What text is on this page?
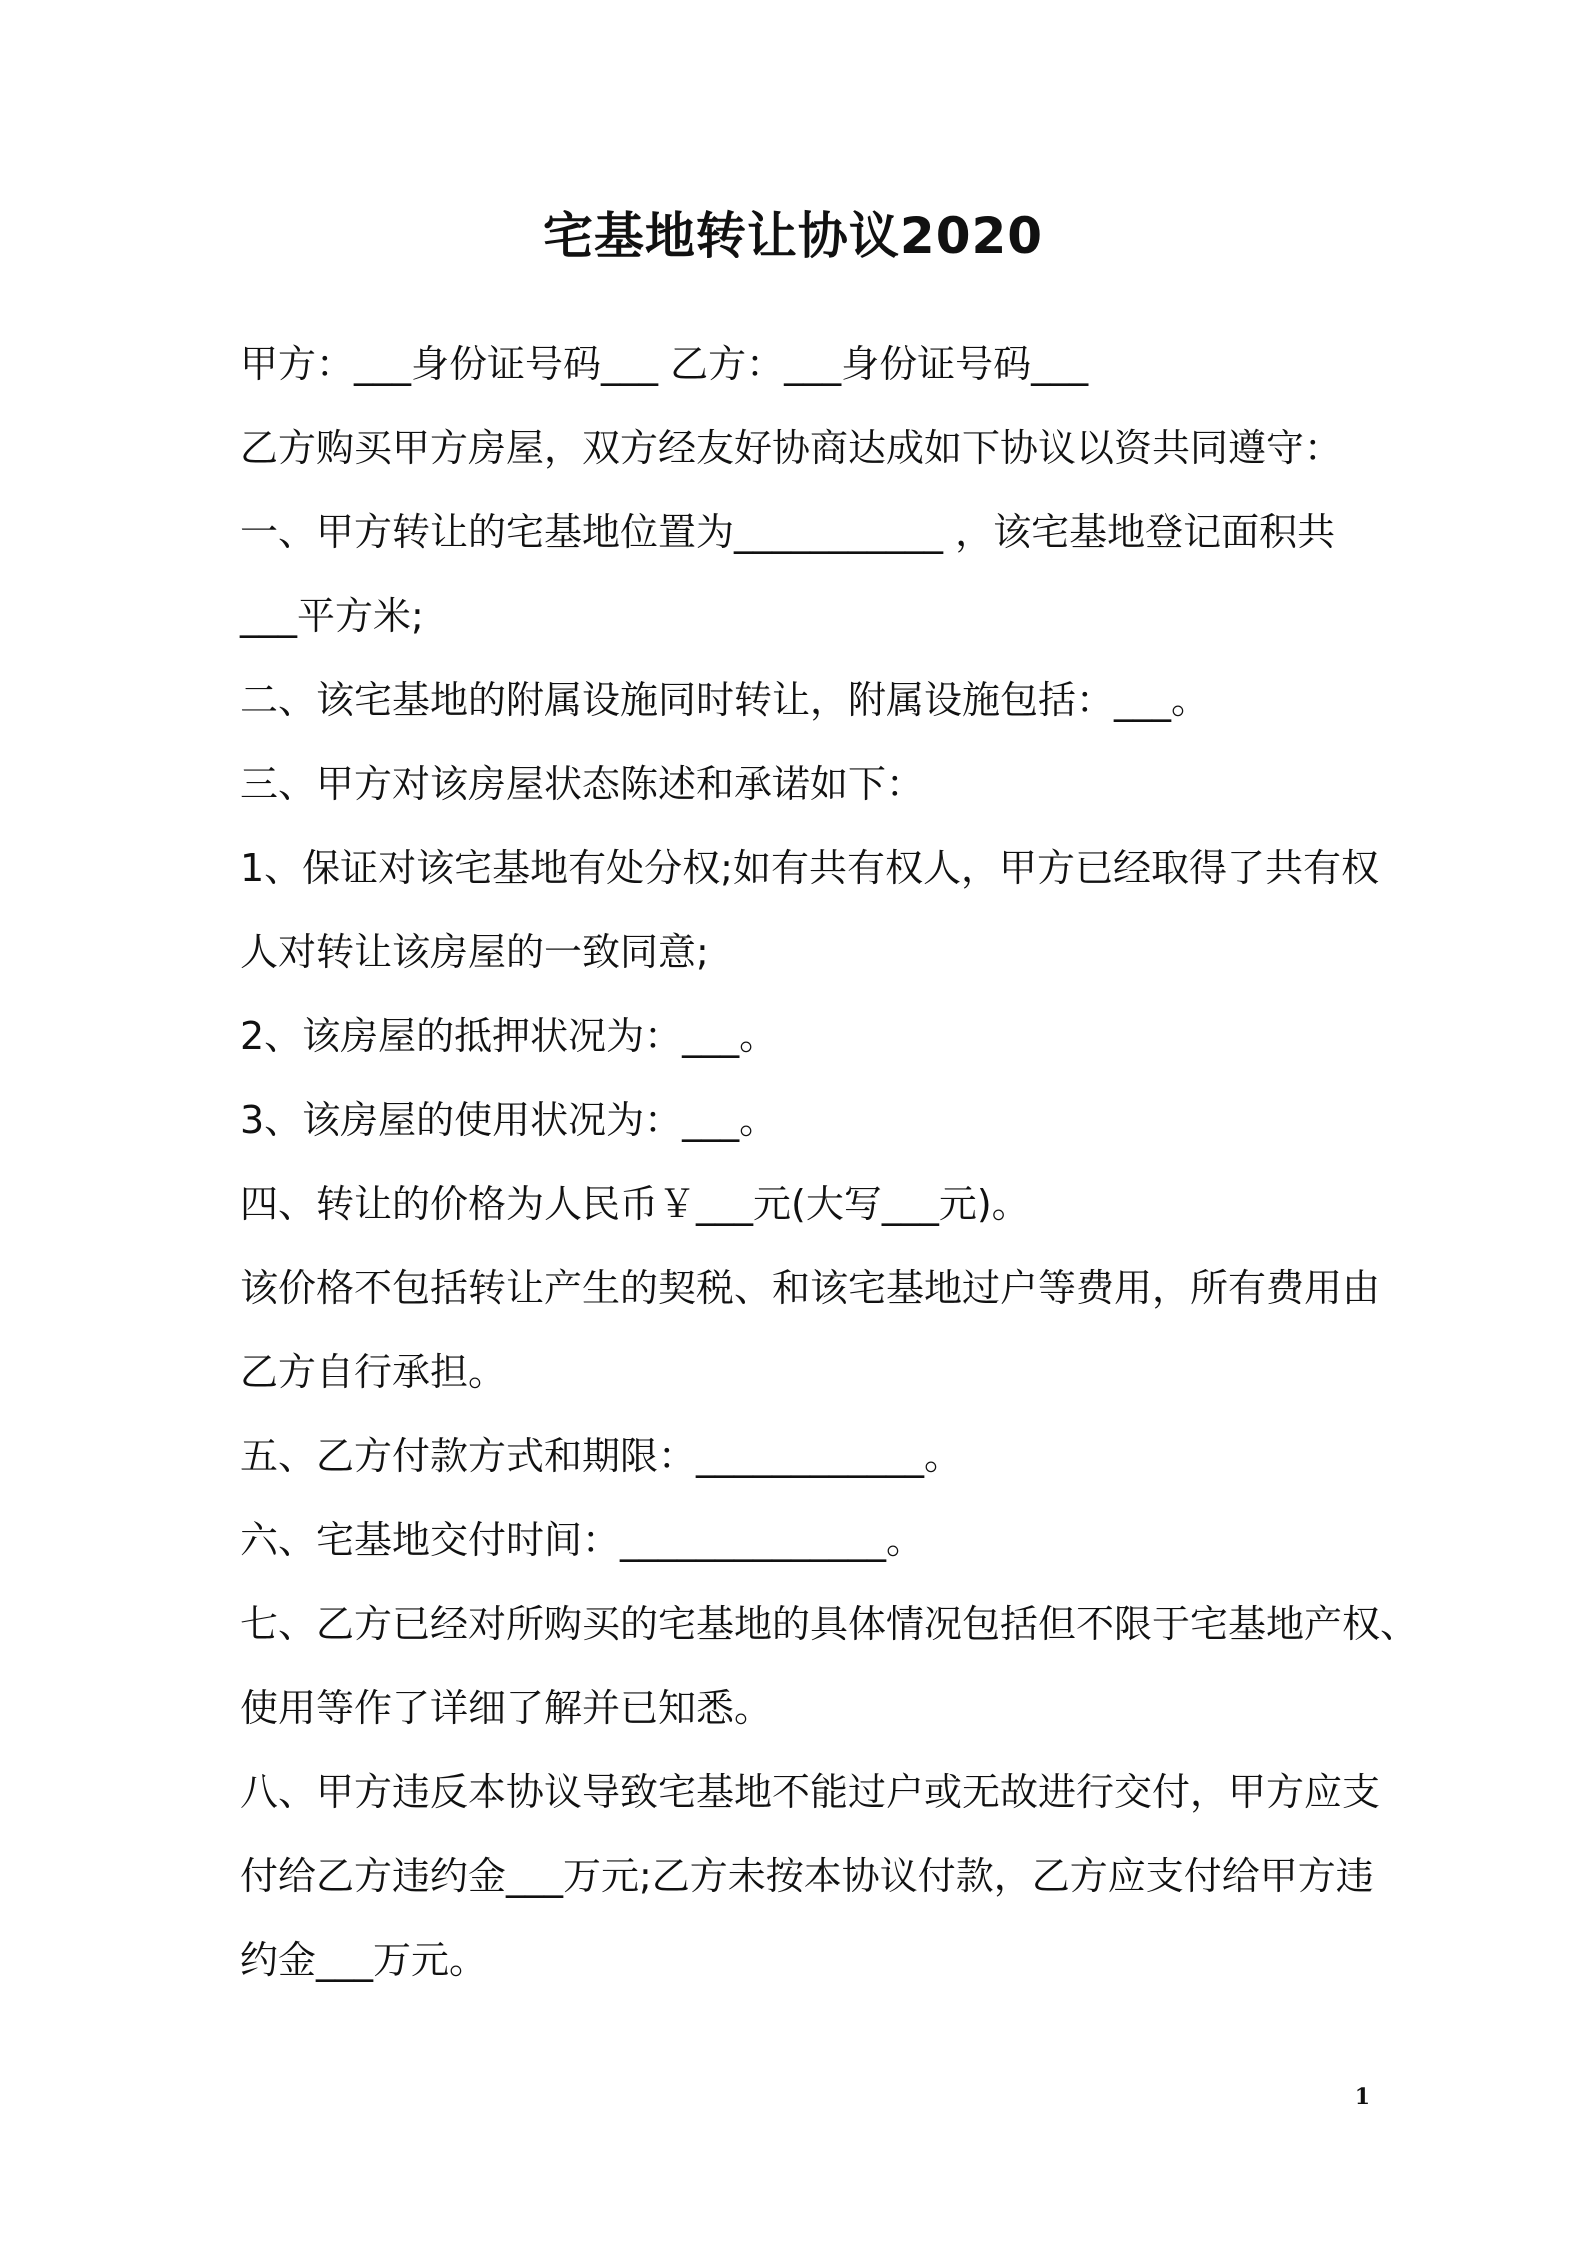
宅基地转让协议2020
甲方：___身份证号码___ 乙方：___身份证号码___
乙方购买甲方房屋，双方经友好协商达成如下协议以资共同遵守：
一、甲方转让的宅基地位置为___________ ，该宅基地登记面积共
___平方米;
二、该宅基地的附属设施同时转让，附属设施包括：___。
三、甲方对该房屋状态陈述和承诺如下：
1、保证对该宅基地有处分权;如有共有权人，甲方已经取得了共有权
人对转让该房屋的一致同意;
2、该房屋的抵押状况为：___。
3、该房屋的使用状况为：___。
四、转让的价格为人民币￥___元(大写___元)。
该价格不包括转让产生的契税、和该宅基地过户等费用，所有费用由
乙方自行承担。
五、乙方付款方式和期限：____________。
六、宅基地交付时间：______________。
七、乙方已经对所购买的宅基地的具体情况包括但不限于宅基地产权、
使用等作了详细了解并已知悉。
八、甲方违反本协议导致宅基地不能过户或无故进行交付，甲方应支
付给乙方违约金___万元;乙方未按本协议付款，乙方应支付给甲方违
约金___万元。
1
